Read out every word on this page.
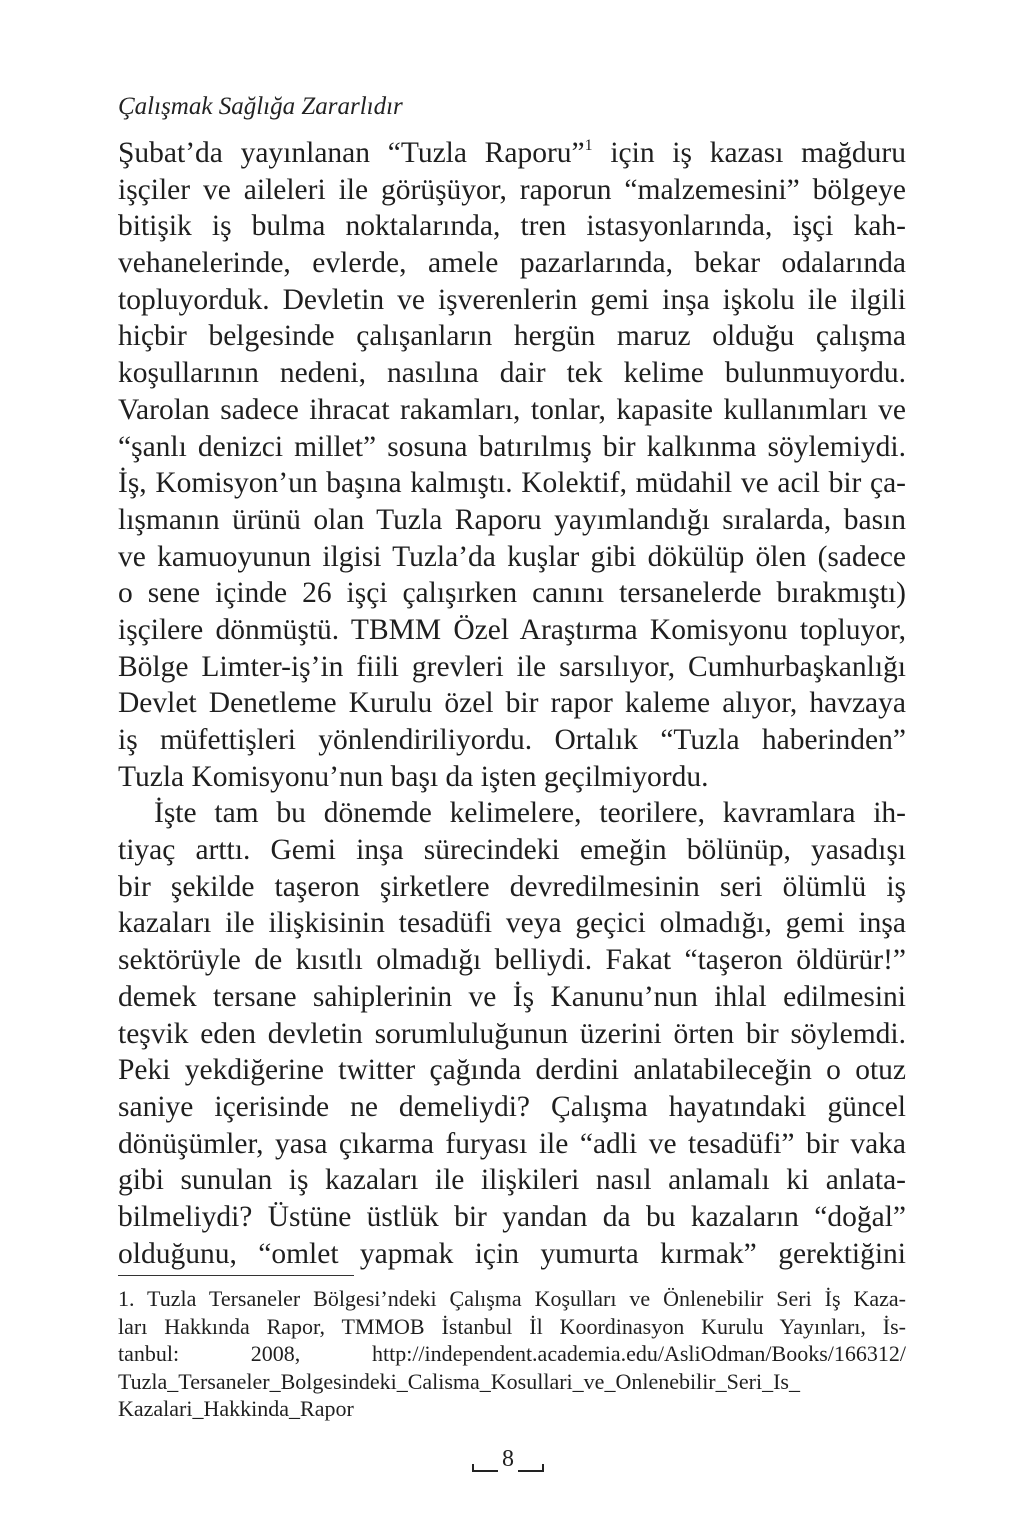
Çalışmak Sağlığa Zararlıdır
Şubat’da yayınlanan “Tuzla Raporu”$^1$ için iş kazası mağduru
işçiler ve aileleri ile görüşüyor, raporun “malzemesini” bölgeye
bitişik iş bulma noktalarında, tren istasyonlarında, işçi kah-
vehanelerinde, evlerde, amele pazarlarında, bekar odalarında
topluyorduk. Devletin ve işverenlerin gemi inşa işkolu ile ilgili
hiçbir belgesinde çalışanların hergün maruz olduğu çalışma
koşullarının nedeni, nasılına dair tek kelime bulunmuyordu.
Varolan sadece ihracat rakamları, tonlar, kapasite kullanımları ve
“şanlı denizci millet” sosuna batırılmış bir kalkınma söylemiydi.
İş, Komisyon’un başına kalmıştı. Kolektif, müdahil ve acil bir ça-
lışmanın ürünü olan Tuzla Raporu yayımlandığı sıralarda, basın
ve kamuoyunun ilgisi Tuzla’da kuşlar gibi dökülüp ölen (sadece
o sene içinde 26 işçi çalışırken canını tersanelerde bırakmıştı)
işçilere dönmüştü. TBMM Özel Araştırma Komisyonu topluyor,
Bölge Limter-iş’in fiili grevleri ile sarsılıyor, Cumhurbaşkanlığı
Devlet Denetleme Kurulu özel bir rapor kaleme alıyor, havzaya
iş müfettişleri yönlendiriliyordu. Ortalık “Tuzla haberinden”
Tuzla Komisyonu’nun başı da işten geçilmiyordu.
İşte tam bu dönemde kelimelere, teorilere, kavramlara ih-
tiyaç arttı. Gemi inşa sürecindeki emeğin bölünüp, yasadışı
bir şekilde taşeron şirketlere devredilmesinin seri ölümlü iş
kazaları ile ilişkisinin tesadüfi veya geçici olmadığı, gemi inşa
sektörüyle de kısıtlı olmadığı belliydi. Fakat “taşeron öldürür!”
demek tersane sahiplerinin ve İş Kanunu’nun ihlal edilmesini
teşvik eden devletin sorumluluğunun üzerini örten bir söylemdi.
Peki yekdiğerine twitter çağında derdini anlatabileceğin o otuz
saniye içerisinde ne demeliydi? Çalışma hayatındaki güncel
dönüşümler, yasa çıkarma furyası ile “adli ve tesadüfi” bir vaka
gibi sunulan iş kazaları ile ilişkileri nasıl anlamalı ki anlata-
bilmeliydi? Üstüne üstlük bir yandan da bu kazaların “doğal”
olduğunu, “omlet yapmak için yumurta kırmak” gerektiğini
1. Tuzla Tersaneler Bölgesi’ndeki Çalışma Koşulları ve Önlenebilir Seri İş Kaza-
ları Hakkında Rapor, TMMOB İstanbul İl Koordinasyon Kurulu Yayınları, İs-
tanbul: 2008, http://independent.academia.edu/AsliOdman/Books/166312/
Tuzla_Tersaneler_Bolgesindeki_Calisma_Kosullari_ve_Onlenebilir_Seri_Is_
Kazalari_Hakkinda_Rapor
8
